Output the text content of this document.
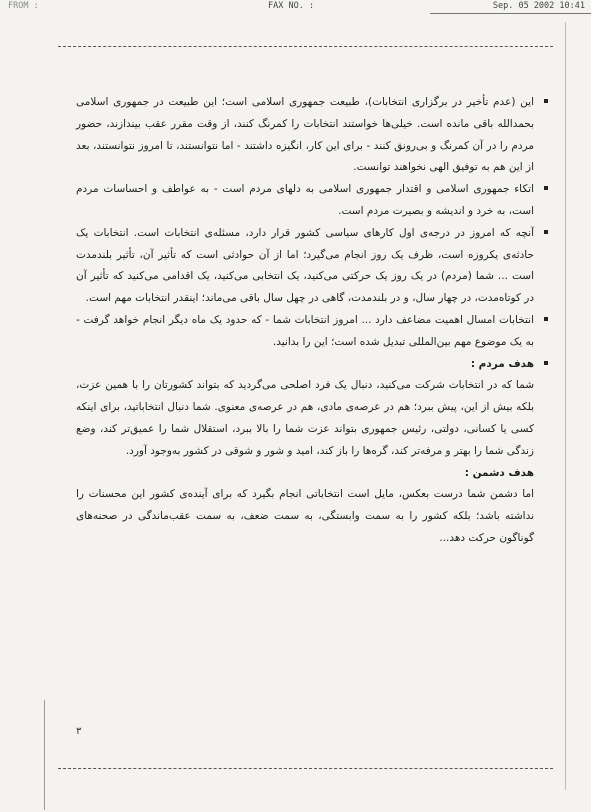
FROM :	FAX NO. :	Sep. 05 2002 10:41

این (عدم تأخیر در برگزاری انتخابات)، طبیعت جمهوری اسلامی است؛ این طبیعت در جمهوری اسلامی بحمدالله باقی مانده است. خیلی‌ها خواستند انتخابات را کمرنگ کنند، از وقت مقرر عقب بیندازند، حضور مردم را در آن کمرنگ و بی‌رونق کنند - برای این کار، انگیزه داشتند - اما نتوانستند، تا امروز نتوانستند، بعد از این هم به توفیق الهی نخواهند توانست.

اتکاء جمهوری اسلامی و اقتدار جمهوری اسلامی به دلهای مردم است - به عواطف و احساسات مردم است، به خرد و اندیشه و بصیرت مردم است.

آنچه که امروز در درجه‌ی اول کارهای سیاسی کشور قرار دارد، مسئله‌ی انتخابات است. انتخابات یک حادثه‌ی یکروزه است، ظرف یک روز انجام می‌گیرد؛ اما از آن حوادثی است که تأثیر آن، تأثیر بلندمدت است ... شما (مردم) در یک روز یک حرکتی می‌کنید، یک انتخابی می‌کنید، یک اقدامی می‌کنید که تأثیر آن در کوتاه‌مدت، در چهار سال، و در بلندمدت، گاهی در چهل سال باقی می‌ماند؛ اینقدر انتخابات مهم است.

انتخابات امسال اهمیت مضاعف دارد ... امروز انتخابات شما - که حدود یک ماه دیگر انجام خواهد گرفت - به یک موضوع مهم بین‌المللی تبدیل شده است؛ این را بدانید.

هدف مردم :

شما که در انتخابات شرکت می‌کنید، دنبال یک فرد اصلحی می‌گردید که بتواند کشورتان را با همین عزت، بلکه بیش از این، پیش ببرد؛ هم در عرصه‌ی مادی، هم در عرصه‌ی معنوی. شما دنبال انتخاباتید، برای اینکه کسی یا کسانی، دولتی، رئیس جمهوری بتواند عزت شما را بالا ببرد، استقلال شما را عمیق‌تر کند، وضع زندگی شما را بهتر و مرفه‌تر کند، گره‌ها را باز کند، امید و شور و شوقی در کشور به‌وجود آورد.

هدف دشمن :

اما دشمن شما درست بعکس، مایل است انتخاباتی انجام بگیرد که برای آینده‌ی کشور این محسنات را نداشته باشد؛ بلکه کشور را به سمت وابستگی، به سمت ضعف، به سمت عقب‌ماندگی در صحنه‌های گوناگون حرکت دهد...

۳
